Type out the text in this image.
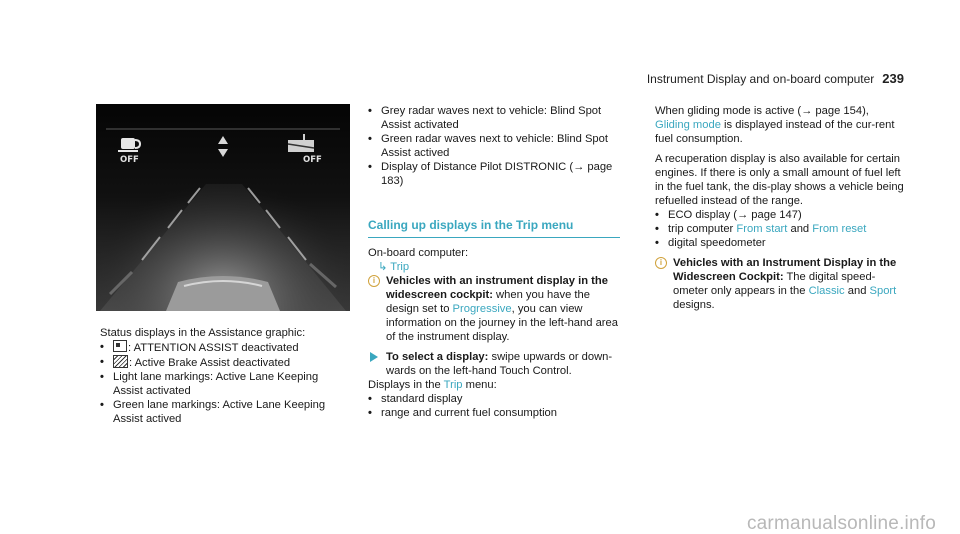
Instrument Display and on-board computer 239
OFF	OFF

Status displays in the Assistance graphic:

• : ATTENTION ASSIST deactivated
• : Active Brake Assist deactivated
• Light lane markings: Active Lane Keeping Assist activated
• Green lane markings: Active Lane Keeping Assist actived
• Grey radar waves next to vehicle: Blind Spot Assist activated
• Green radar waves next to vehicle: Blind Spot Assist actived
• Display of Distance Pilot DISTRONIC (→ page 183)
Calling up displays in the Trip menu

On-board computer:

↳ Trip

i Vehicles with an instrument display in the widescreen cockpit: when you have the design set to Progressive, you can view information on the journey in the left-hand area of the instrument display.
To select a display: swipe upwards or down-wards on the left-hand Touch Control.

Displays in the Trip menu:

• standard display
• range and current fuel consumption

When gliding mode is active (→ page 154),
Gliding mode is displayed instead of the cur-rent fuel consumption.

A recuperation display is also available for certain engines. If there is only a small amount of fuel left in the fuel tank, the dis-play shows a vehicle being refuelled instead of the range.

• ECO display (→ page 147)
• trip computer From start and From reset
• digital speedometer
i Vehicles with an Instrument Display in the Widescreen Cockpit: The digital speed-ometer only appears in the Classic and Sport designs.
carmanualsonline.info
